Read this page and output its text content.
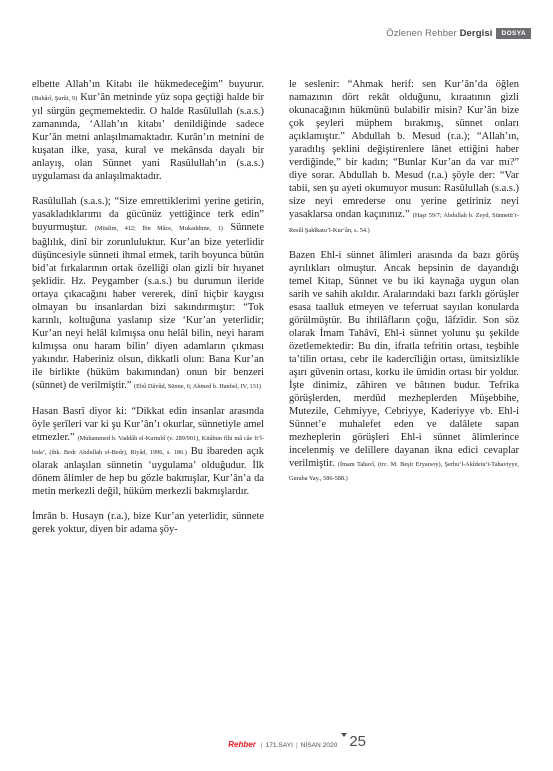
Özlenen Rehber Dergisi	DOSYA

elbette Allah’ın Kitabı ile hükmedeceğim” buyurur. (Buhârî, Şurût, 9) Kur’ân metninde yüz sopa geçtiği halde bir yıl sürgün geçmemektedir. O halde Rasûlullah (s.a.s.) zamanında, ‘Allah’ın kitabı’ denildiğinde sadece Kur’ân metni anlaşılmamaktadır. Kurân’ın metnini de kuşatan ilke, yasa, kural ve mekânsda dayalı bir anlayış, olan Sünnet yani Rasûlullah’ın (s.a.s.) uygulaması da anlaşılmaktadır.

Rasûlullah (s.a.s.); “Size emrettiklerimi yerine getirin, yasakladıklarımı da gücünüz yettiğince terk edin” buyurmuştur. (Müslim, 412; İbn Mâce, Mukaddime, 1) Sünnete bağlılık, dinî bir zorunluluktur. Kur’an bize yeterlidir düşüncesiyle sünneti ihmal etmek, tarih boyunca bütün bid’at fırkalarının ortak özelliği olan gizli bir hıyanet şeklidir. Hz. Peygamber (s.a.s.) bu durumun ileride ortaya çıkacağını haber vererek, dinî hiçbir kaygısı olmayan bu insanlardan bizi sakındırmıştır: “Tok karınlı, koltuğuna yaslanıp size ‘Kur’an yeterlidir; Kur’an neyi helâl kılmışsa onu helâl bilin, neyi haram kılmışsa onu haram bilin’ diyen adamların çıkması yakındır. Haberiniz olsun, dikkatli olun: Bana Kur’an ile birlikte (hüküm bakımından) onun bir benzeri (sünnet) de verilmiştir.” (Ebû Dâvûd, Sünne, 6; Ahmed b. Hanbel, IV, 131)

Hasan Basrî diyor ki: “Dikkat edin insanlar arasında öyle şerîleri var ki şu Kur’ân’ı okurlar, sünnetiyle amel etmezler.” (Muhammed b. Vaddâh el-Kurtubî (v. 289/901), Kitâbun fîhi mâ câe fi’l-bida’, (thk. Bedr Abdullah el-Bedr), Riyâd, 1996, s. 186.) Bu ibareden açık olarak anlaşılan sünnetin ‘uygulama’ olduğudur. İlk dönem âlimler de hep bu gözle bakmışlar, Kur’ân’a da metin merkezli değil, hüküm merkezli bakmışlardır.

İmrân b. Husayn (r.a.), bize Kur’an yeterlidir, sünnete gerek yoktur, diyen bir adama şöy-

le seslenir: “Ahmak herif: sen Kur’ân’da öğlen namazının dört rekât olduğunu, kıraatının gizli okunacağının hükmünü bulabilir misin? Kur’ân bize çok şeyleri müphem bırakmış, sünnet onları açıklamıştır.” Abdullah b. Mesud (r.a.); “Allah’ın, yaradılış şeklini değiştirenlere lânet ettiğini haber verdiğinde,” bir kadın; “Bunlar Kur’an da var mı?” diye sorar. Abdullah b. Mesud (r.a.) şöyle der: “Var tabii, sen şu ayeti okumuyor musun: Rasûlullah (s.a.s.) size neyi emrederse onu yerine getiriniz neyi yasaklarsa ondan kaçınınız.” (Haşr 59/7; Abdullah b. Zeyd, Sünnetü’r-Resûl Şakîkatu’l-Kur’ân, s. 54.)

Bazen Ehl-i sünnet âlimleri arasında da bazı görüş ayrılıkları olmuştur. Ancak hepsinin de dayandığı temel Kitap, Sünnet ve bu iki kaynağa uygun olan sarih ve sahih akıldır. Aralarındaki bazı farklı görüşler esasa taalluk etmeyen ve teferruat sayılan konularda görülmüştür. Bu ihtilâfların çoğu, lâfzîdir. Son söz olarak İmam Tahâvî, Ehl-i sünnet yolunu şu şekilde özetlemektedir: Bu din, ifratla tefritin ortası, teşbihle ta’tilin ortası, cebr ile kadercîliğin ortası, ümitsizlikle aşırı güvenin ortası, korku ile ümidin ortası bir yoldur. İşte dinimiz, zâhiren ve bâtınen budur. Tefrika görüşlerden, merdûd mezheplerden Müşebbihe, Mutezile, Cehmiyye, Cebriyye, Kaderiyye vb. Ehl-i Sünnet’e muhalefet eden ve dalâlete sapan mezheplerin görüşleri Ehl-i sünnet âlimlerince incelenmiş ve delillere dayanan ikna edici cevaplar verilmiştir. (İmam Tahavî, (trc. M. Beşir Eryarsoy), Şerhu’l-Akîdetu’t-Tahaviyye, Guraba Yay., 586-588.)

Rehber | 171.SAYI | NİSAN 2020 25
